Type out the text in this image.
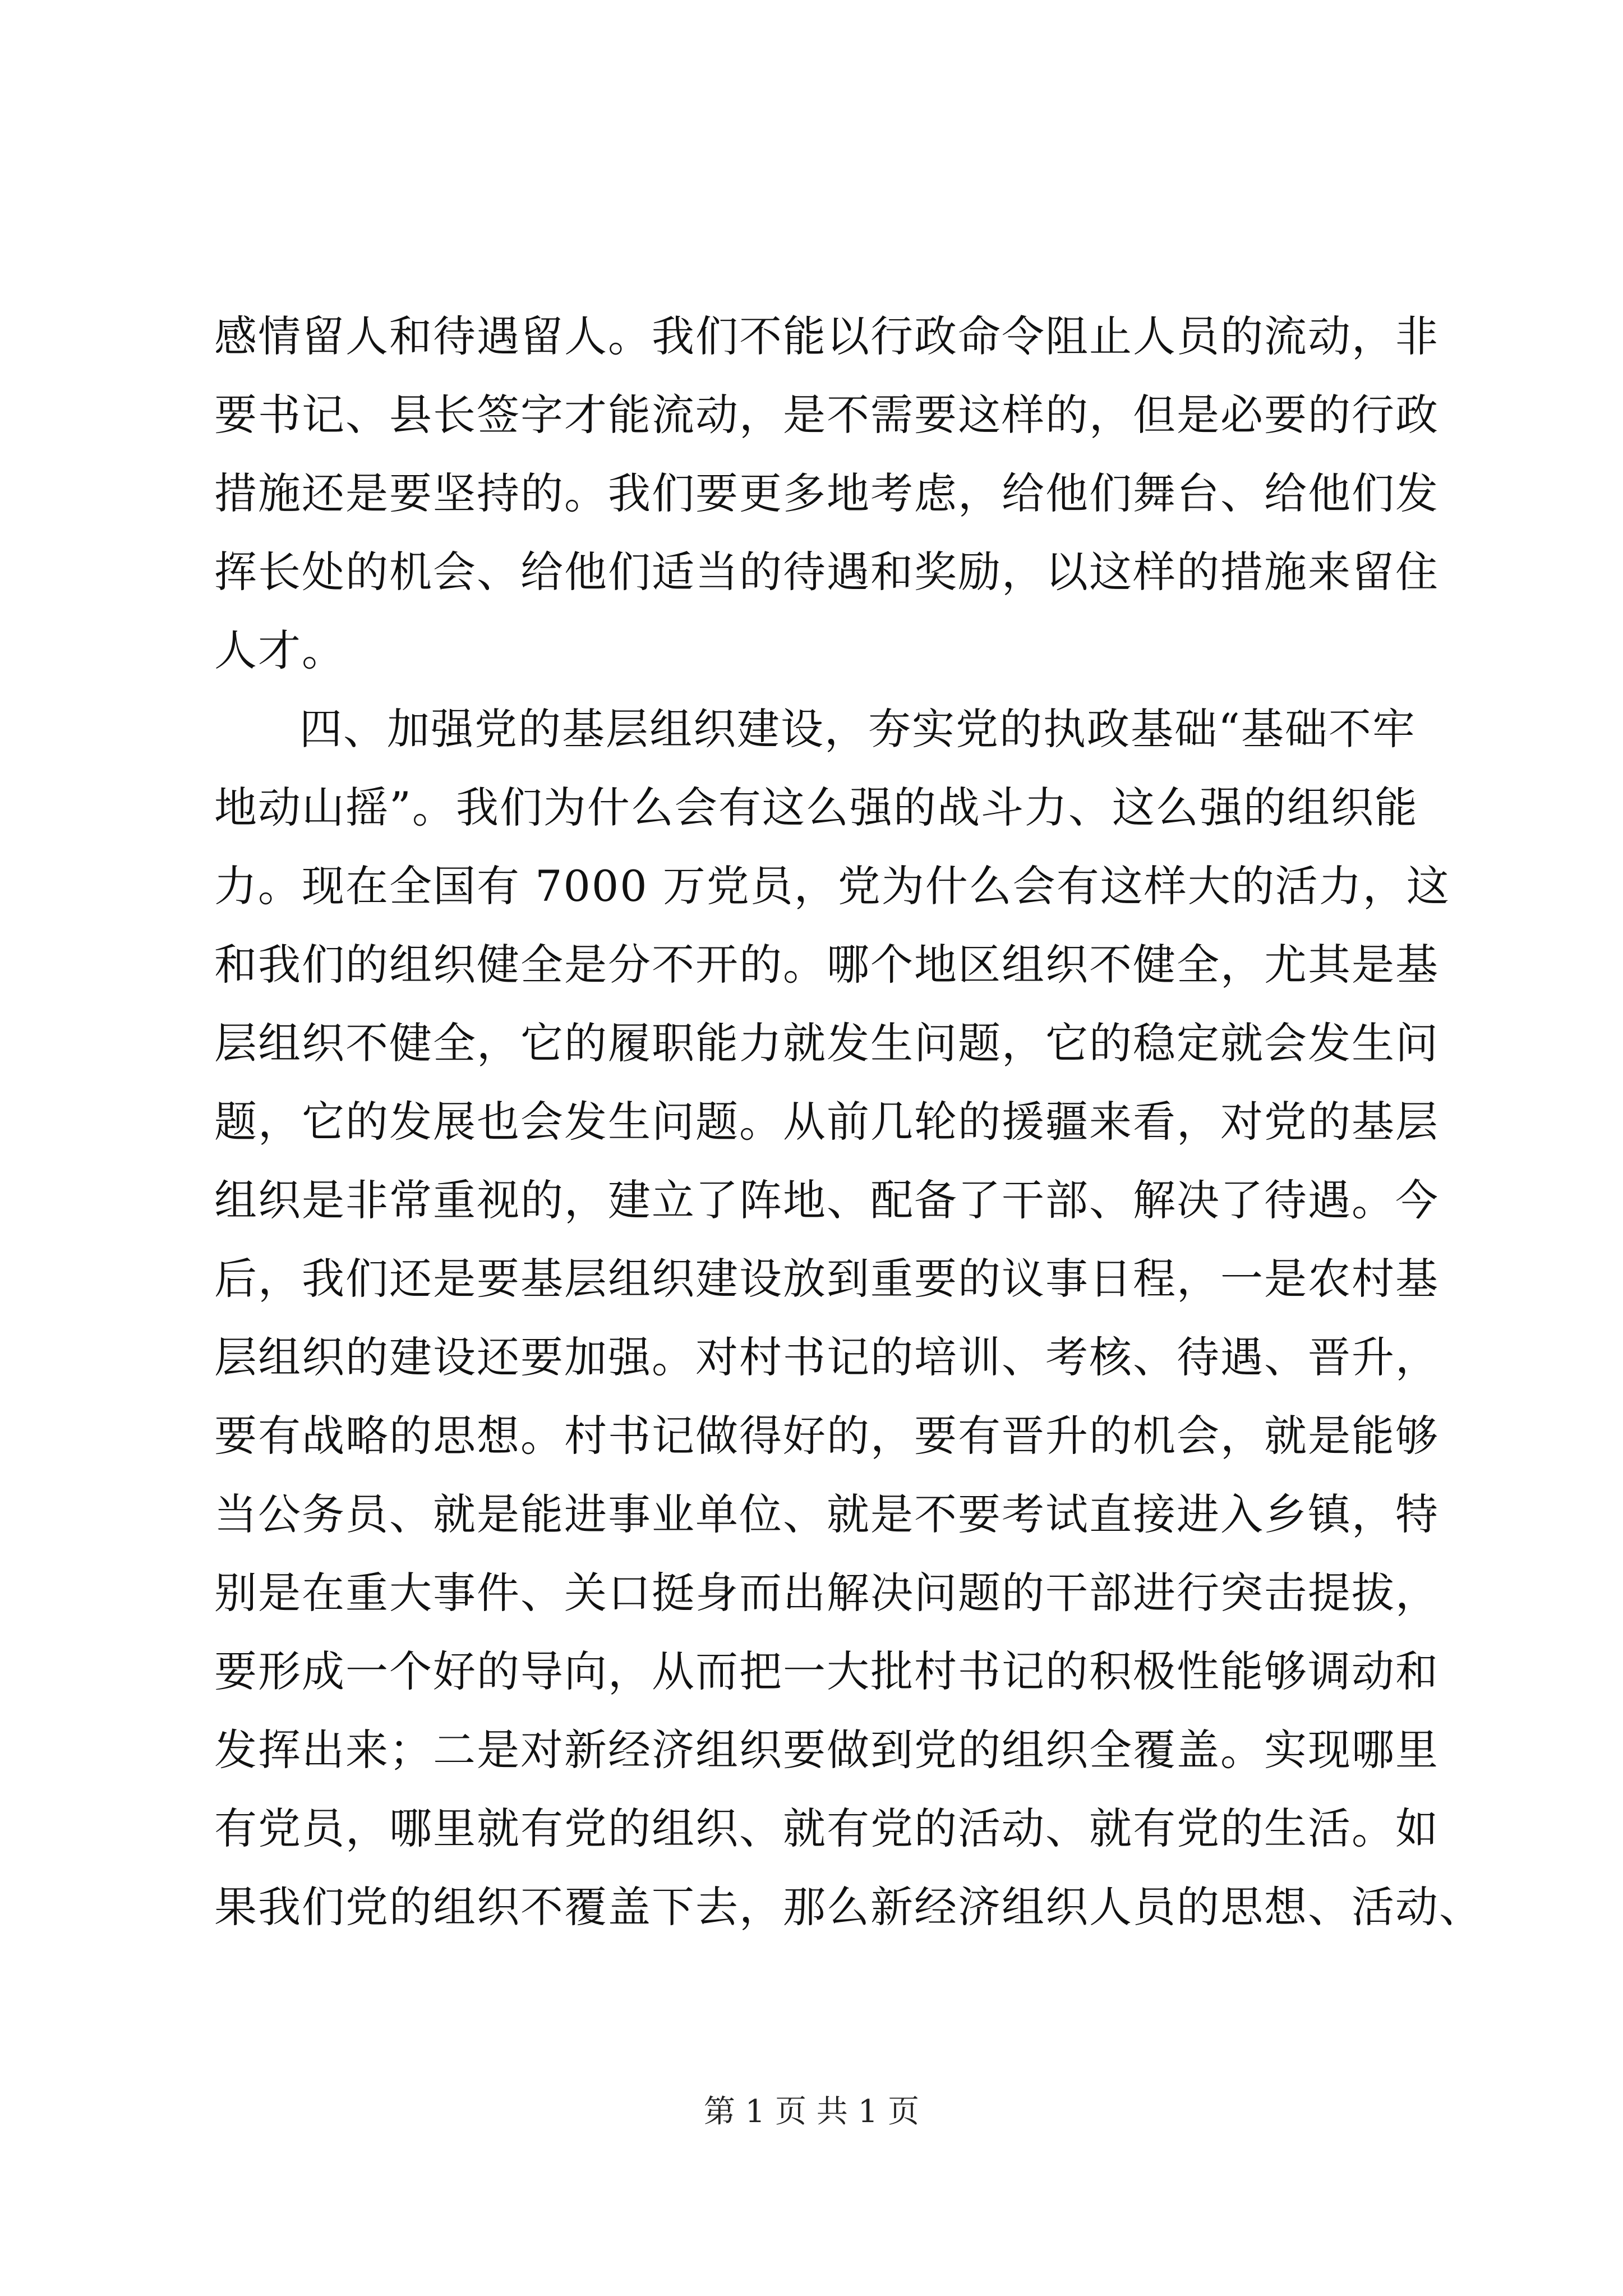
感情留人和待遇留人。我们不能以行政命令阻止人员的流动，非
要书记、县长签字才能流动，是不需要这样的，但是必要的行政
措施还是要坚持的。我们要更多地考虑，给他们舞台、给他们发
挥长处的机会、给他们适当的待遇和奖励，以这样的措施来留住
人才。
四、加强党的基层组织建设，夯实党的执政基础“基础不牢
地动山摇”。我们为什么会有这么强的战斗力、这么强的组织能
力。现在全国有 7000 万党员，党为什么会有这样大的活力，这
和我们的组织健全是分不开的。哪个地区组织不健全，尤其是基
层组织不健全，它的履职能力就发生问题，它的稳定就会发生问
题，它的发展也会发生问题。从前几轮的援疆来看，对党的基层
组织是非常重视的，建立了阵地、配备了干部、解决了待遇。今
后，我们还是要基层组织建设放到重要的议事日程，一是农村基
层组织的建设还要加强。对村书记的培训、考核、待遇、晋升，
要有战略的思想。村书记做得好的，要有晋升的机会，就是能够
当公务员、就是能进事业单位、就是不要考试直接进入乡镇，特
别是在重大事件、关口挺身而出解决问题的干部进行突击提拔，
要形成一个好的导向，从而把一大批村书记的积极性能够调动和
发挥出来；二是对新经济组织要做到党的组织全覆盖。实现哪里
有党员，哪里就有党的组织、就有党的活动、就有党的生活。如
果我们党的组织不覆盖下去，那么新经济组织人员的思想、活动、
第 1 页 共 1 页
